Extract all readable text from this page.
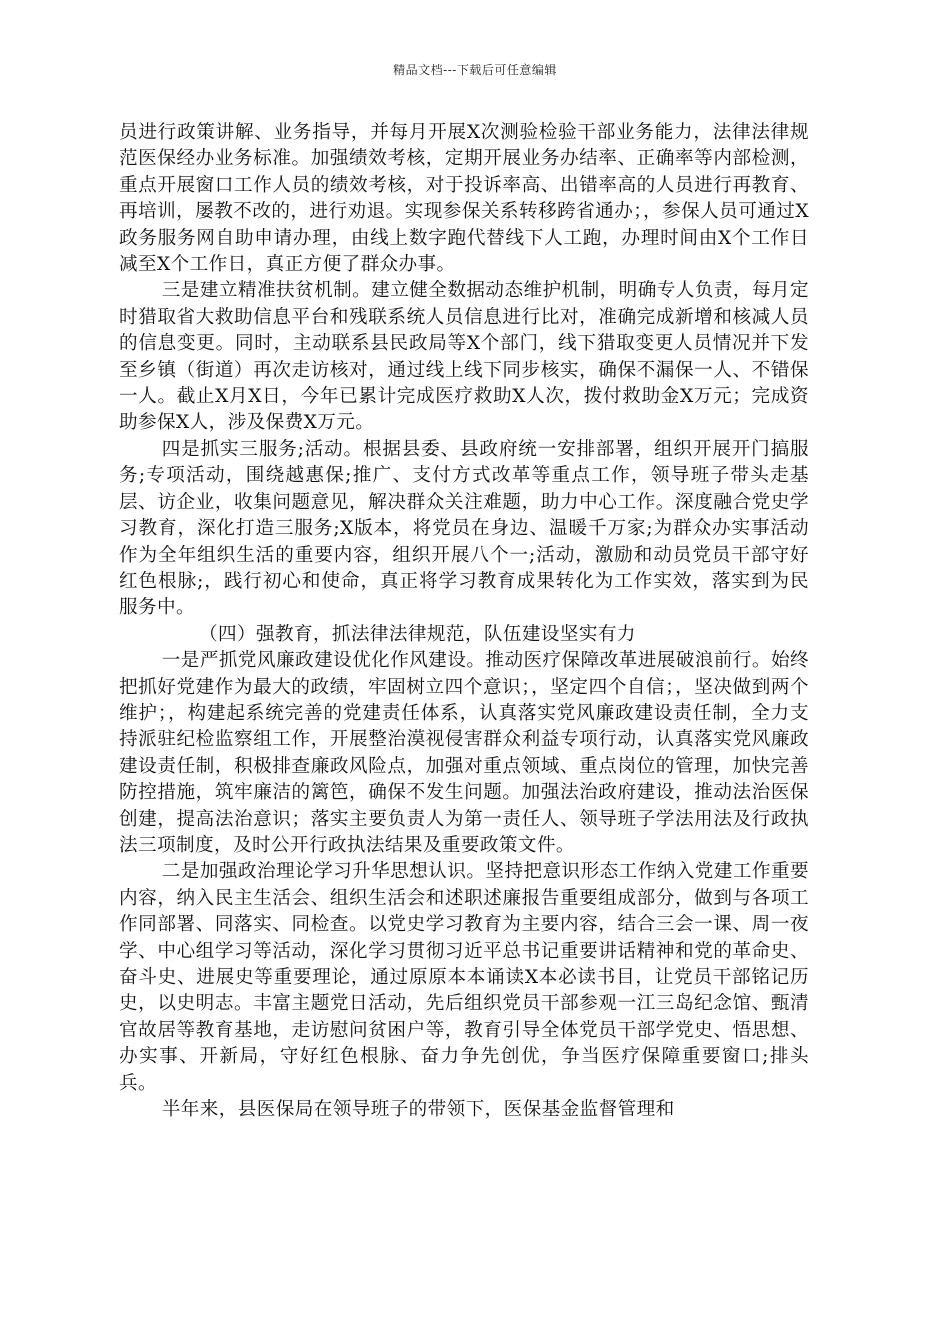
精品文档---下载后可任意编辑

员进行政策讲解、业务指导，并每月开展X次测验检验干部业务能力，法律法律规范医保经办业务标准。加强绩效考核，定期开展业务办结率、正确率等内部检测，重点开展窗口工作人员的绩效考核，对于投诉率高、出错率高的人员进行再教育、再培训，屡教不改的，进行劝退。实现参保关系转移跨省通办；，参保人员可通过X政务服务网自助申请办理，由线上数字跑代替线下人工跑，办理时间由X个工作日减至X个工作日，真正方便了群众办事。

三是建立精准扶贫机制。建立健全数据动态维护机制，明确专人负责，每月定时猎取省大救助信息平台和残联系统人员信息进行比对，准确完成新增和核减人员的信息变更。同时，主动联系县民政局等X个部门，线下猎取变更人员情况并下发至乡镇（街道）再次走访核对，通过线上线下同步核实，确保不漏保一人、不错保一人。截止X月X日，今年已累计完成医疗救助X人次，拨付救助金X万元；完成资助参保X人，涉及保费X万元。

四是抓实三服务;活动。根据县委、县政府统一安排部署，组织开展开门搞服务;专项活动，围绕越惠保;推广、支付方式改革等重点工作，领导班子带头走基层、访企业，收集问题意见，解决群众关注难题，助力中心工作。深度融合党史学习教育，深化打造三服务;X版本，将党员在身边、温暖千万家;为群众办实事活动作为全年组织生活的重要内容，组织开展八个一;活动，激励和动员党员干部守好红色根脉;，践行初心和使命，真正将学习教育成果转化为工作实效，落实到为民服务中。

（四）强教育，抓法律法律规范，队伍建设坚实有力

一是严抓党风廉政建设优化作风建设。推动医疗保障改革进展破浪前行。始终把抓好党建作为最大的政绩，牢固树立四个意识；，坚定四个自信；，坚决做到两个维护；，构建起系统完善的党建责任体系，认真落实党风廉政建设责任制，全力支持派驻纪检监察组工作，开展整治漠视侵害群众利益专项行动，认真落实党风廉政建设责任制，积极排查廉政风险点，加强对重点领域、重点岗位的管理，加快完善防控措施，筑牢廉洁的篱笆，确保不发生问题。加强法治政府建设，推动法治医保创建，提高法治意识；落实主要负责人为第一责任人、领导班子学法用法及行政执法三项制度，及时公开行政执法结果及重要政策文件。

二是加强政治理论学习升华思想认识。坚持把意识形态工作纳入党建工作重要内容，纳入民主生活会、组织生活会和述职述廉报告重要组成部分，做到与各项工作同部署、同落实、同检查。以党史学习教育为主要内容，结合三会一课、周一夜学、中心组学习等活动，深化学习贯彻习近平总书记重要讲话精神和党的革命史、奋斗史、进展史等重要理论，通过原原本本诵读X本必读书目，让党员干部铭记历史，以史明志。丰富主题党日活动，先后组织党员干部参观一江三岛纪念馆、甄清官故居等教育基地，走访慰问贫困户等，教育引导全体党员干部学党史、悟思想、办实事、开新局，守好红色根脉、奋力争先创优，争当医疗保障重要窗口;排头兵。

半年来，县医保局在领导班子的带领下，医保基金监督管理和
